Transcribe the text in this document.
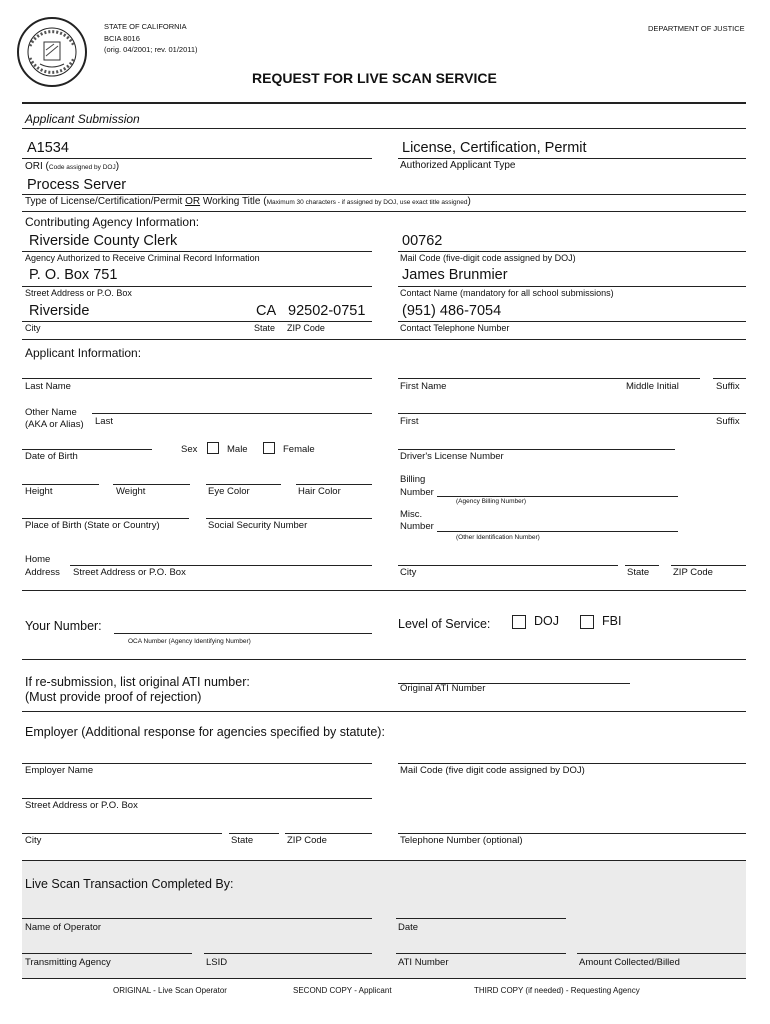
STATE OF CALIFORNIA
BCIA 8016
(orig. 04/2001; rev. 01/2011)
DEPARTMENT OF JUSTICE
REQUEST FOR LIVE SCAN SERVICE
Applicant Submission
A1534
ORI (Code assigned by DOJ)
License, Certification, Permit
Authorized Applicant Type
Process Server
Type of License/Certification/Permit OR Working Title (Maximum 30 characters - if assigned by DOJ, use exact title assigned)
Contributing Agency Information:
Riverside County Clerk
Agency Authorized to Receive Criminal Record Information
00762
Mail Code (five-digit code assigned by DOJ)
P. O. Box 751
Street Address or P.O. Box
James Brunmier
Contact Name (mandatory for all school submissions)
Riverside	CA 92502-0751
City	State ZIP Code
(951) 486-7054
Contact Telephone Number
Applicant Information:
Last Name	First Name	Middle Initial	Suffix
Other Name
(AKA or Alias) Last	First	Suffix
Date of Birth
Sex	Male	Female
Driver's License Number
Height	Weight	Eye Color	Hair Color
Billing
Number
(Agency Billing Number)
Place of Birth (State or Country)	Social Security Number
Misc.
Number
(Other Identification Number)
Home
Address Street Address or P.O. Box	City	State	ZIP Code
Your Number:
OCA Number (Agency Identifying Number)
Level of Service:	DOJ	FBI
If re-submission, list original ATI number:
(Must provide proof of rejection)
Original ATI Number
Employer (Additional response for agencies specified by statute):
Employer Name	Mail Code (five digit code assigned by DOJ)
Street Address or P.O. Box
City	State	ZIP Code	Telephone Number (optional)
Live Scan Transaction Completed By:
Name of Operator	Date
Transmitting Agency	LSID	ATI Number	Amount Collected/Billed
ORIGINAL - Live Scan Operator	SECOND COPY - Applicant	THIRD COPY (if needed) - Requesting Agency
